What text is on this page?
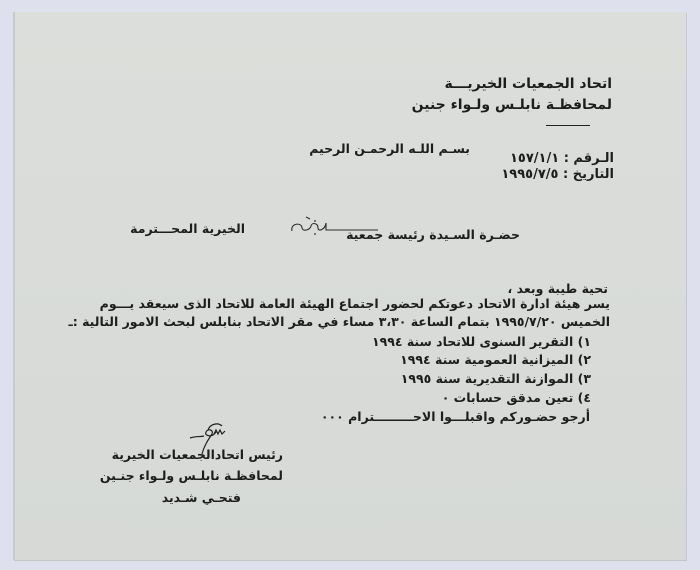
اتحاد الجمعيات الخيريـــة
لمحافظـة نابلـس ولـواء جنين
بسـم اللـه الرحمـن الرحيم
الـرقم : ١٥٧/١/١
التاريخ : ١٩٩٥/٧/٥
حضـرة السـيدة رئيسة جمعية
الخيرية المحـــترمة
تحية طيبة وبعد ،
يسر هيئة ادارة الاتحاد دعوتكم لحضور اجتماع الهيئة العامة للاتحاد الذى سيعقد يـــوم
الخميس ١٩٩٥/٧/٢٠ بتمام الساعة ٣،٣٠ مساء في مقر الاتحاد بنابلس لبحث الامور التالية :ـ
١) التقرير السنوى للاتحاد سنة ١٩٩٤
٢) الميزانية العمومية سنة ١٩٩٤
٣) الموازنة التقديرية سنة ١٩٩٥
٤) تعين مدقق حسابات ٠
أرجو حضـوركم واقبلـــوا الاحـــــــــترام ٠٠٠
رئيس اتحادالجمعيات الخيرية
لمحافظـة نابلـس ولـواء جنـين
فتحـي شـديد
